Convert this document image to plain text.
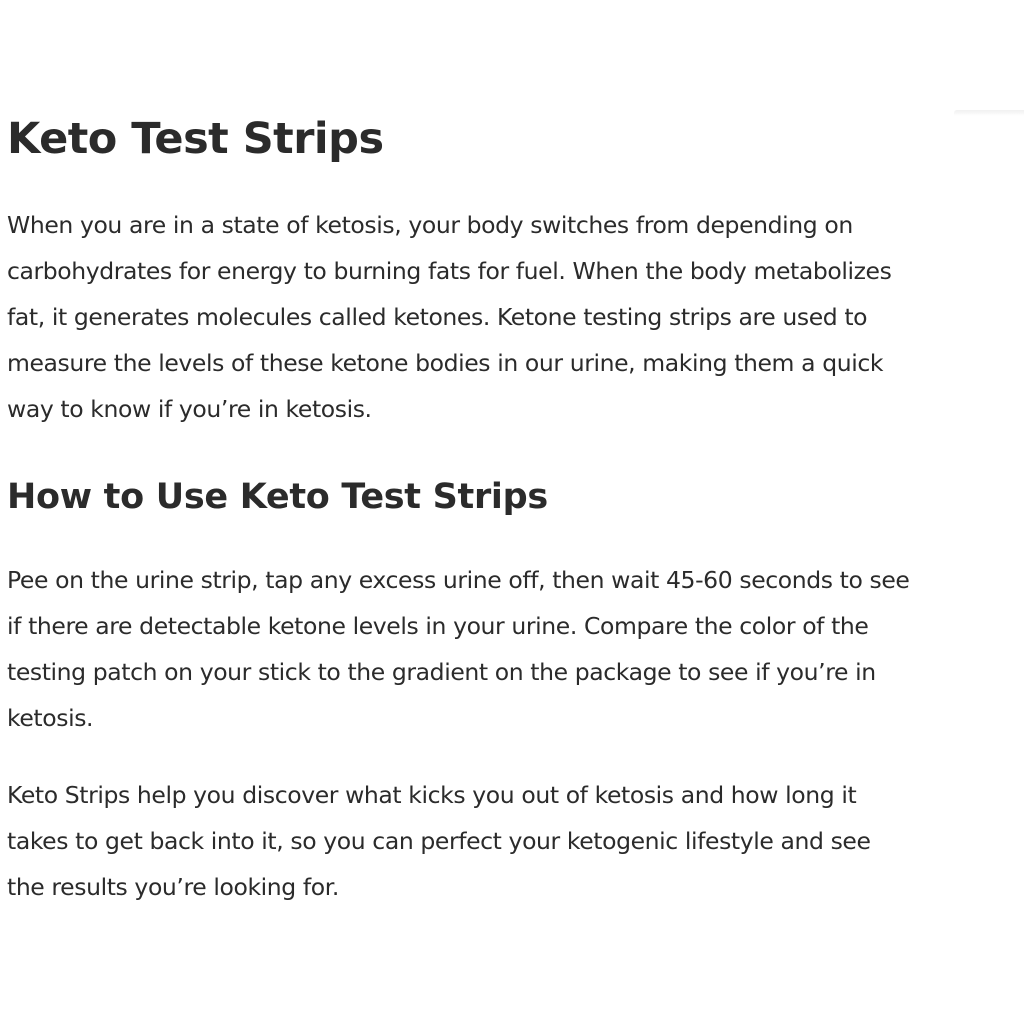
Keto Test Strips

When you are in a state of ketosis, your body switches from depending on
carbohydrates for energy to burning fats for fuel. When the body metabolizes
fat, it generates molecules called ketones. Ketone testing strips are used to
measure the levels of these ketone bodies in our urine, making them a quick
way to know if you’re in ketosis.

How to Use Keto Test Strips

Pee on the urine strip, tap any excess urine off, then wait 45-60 seconds to see
if there are detectable ketone levels in your urine. Compare the color of the
testing patch on your stick to the gradient on the package to see if you’re in
ketosis.

Keto Strips help you discover what kicks you out of ketosis and how long it
takes to get back into it, so you can perfect your ketogenic lifestyle and see
the results you’re looking for.
